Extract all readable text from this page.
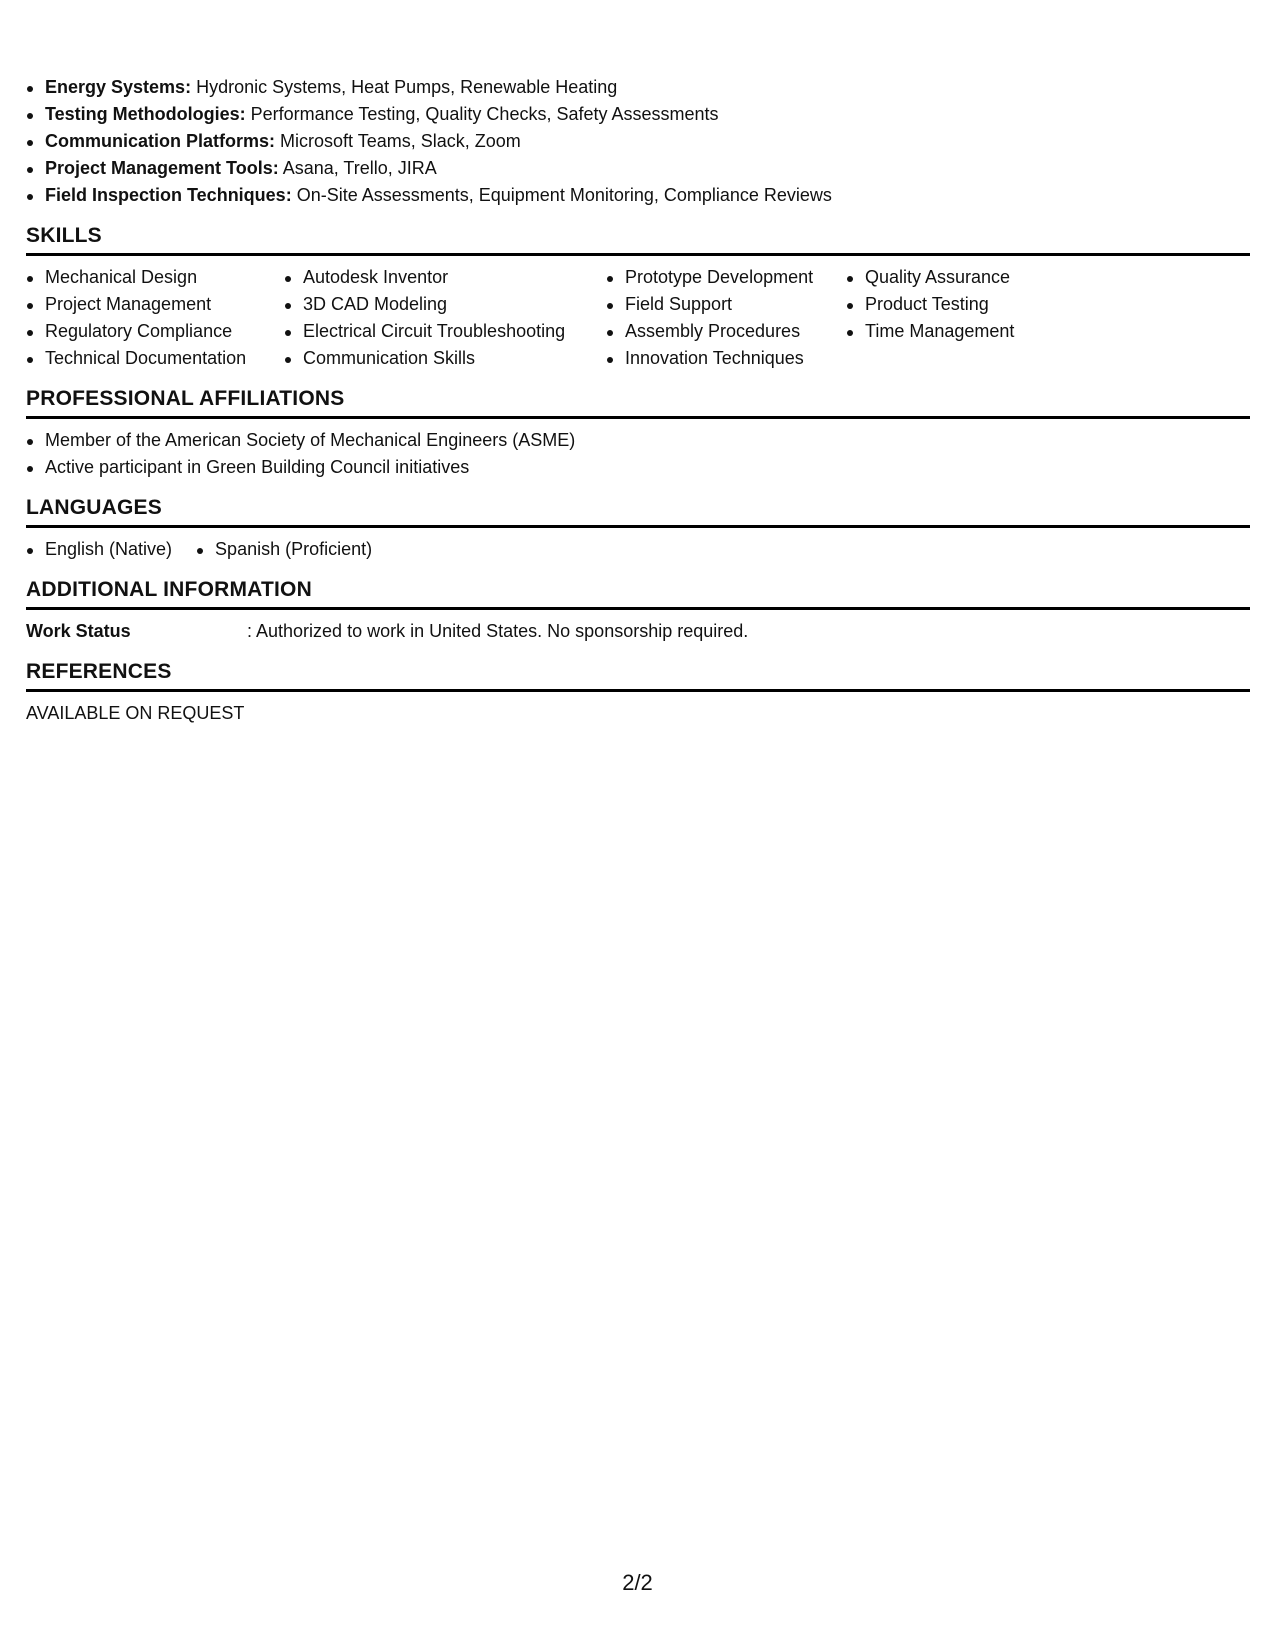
Energy Systems: Hydronic Systems, Heat Pumps, Renewable Heating
Testing Methodologies: Performance Testing, Quality Checks, Safety Assessments
Communication Platforms: Microsoft Teams, Slack, Zoom
Project Management Tools: Asana, Trello, JIRA
Field Inspection Techniques: On-Site Assessments, Equipment Monitoring, Compliance Reviews
SKILLS
Mechanical Design
Project Management
Regulatory Compliance
Technical Documentation
Autodesk Inventor
3D CAD Modeling
Electrical Circuit Troubleshooting
Communication Skills
Prototype Development
Field Support
Assembly Procedures
Innovation Techniques
Quality Assurance
Product Testing
Time Management
PROFESSIONAL AFFILIATIONS
Member of the American Society of Mechanical Engineers (ASME)
Active participant in Green Building Council initiatives
LANGUAGES
English (Native)	Spanish (Proficient)
ADDITIONAL INFORMATION
Work Status	: Authorized to work in United States. No sponsorship required.
REFERENCES
AVAILABLE ON REQUEST
2/2
